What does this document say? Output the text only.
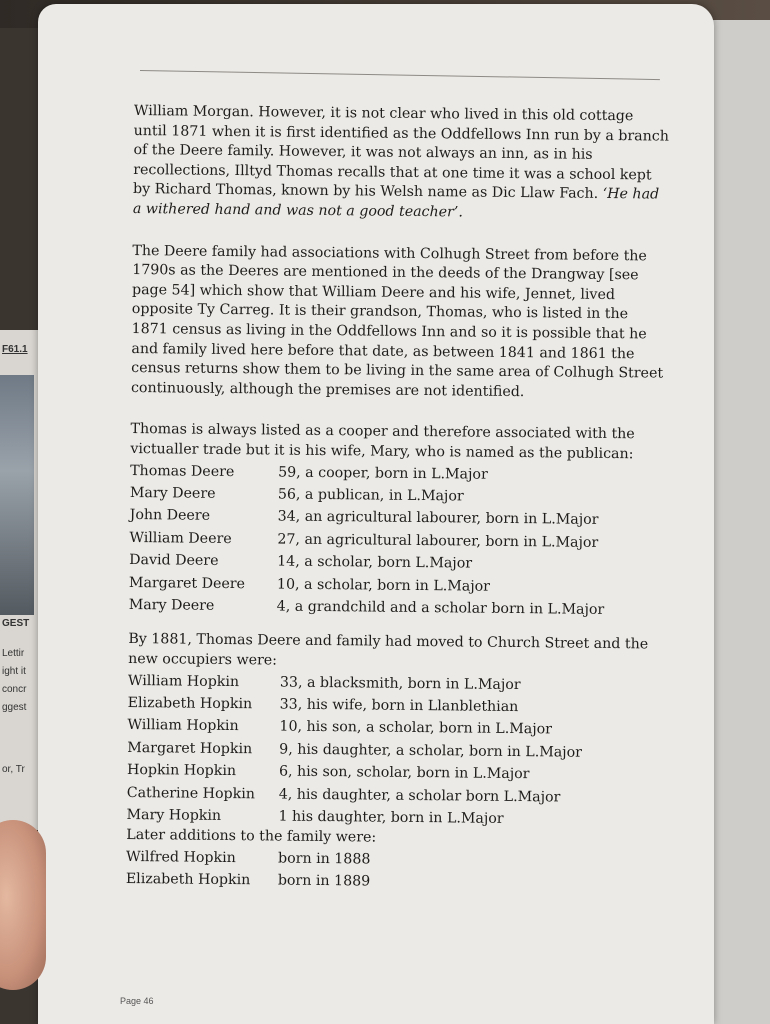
F61.1
GEST
Lettir
ight it
concr
ggest
or, Tr

William Morgan. However, it is not clear who lived in this old cottage until 1871 when it is first identified as the Oddfellows Inn run by a branch of the Deere family. However, it was not always an inn, as in his recollections, Illtyd Thomas recalls that at one time it was a school kept by Richard Thomas, known by his Welsh name as Dic Llaw Fach. ‘He had a withered hand and was not a good teacher’.

The Deere family had associations with Colhugh Street from before the 1790s as the Deeres are mentioned in the deeds of the Drangway [see page 54] which show that William Deere and his wife, Jennet, lived opposite Ty Carreg. It is their grandson, Thomas, who is listed in the 1871 census as living in the Oddfellows Inn and so it is possible that he and family lived here before that date, as between 1841 and 1861 the census returns show them to be living in the same area of Colhugh Street continuously, although the premises are not identified.

Thomas is always listed as a cooper and therefore associated with the victualler trade but it is his wife, Mary, who is named as the publican:

Thomas Deere	59, a cooper, born in L.Major
Mary Deere	56, a publican, in L.Major
John Deere	34, an agricultural labourer, born in L.Major
William Deere	27, an agricultural labourer, born in L.Major
David Deere	14, a scholar, born L.Major
Margaret Deere	10, a scholar, born in L.Major
Mary Deere	4, a grandchild and a scholar born in L.Major

By 1881, Thomas Deere and family had moved to Church Street and the new occupiers were:

William Hopkin	33, a blacksmith, born in L.Major
Elizabeth Hopkin	33, his wife, born in Llanblethian
William Hopkin	10, his son, a scholar, born in L.Major
Margaret Hopkin	9, his daughter, a scholar, born in L.Major
Hopkin Hopkin	6, his son, scholar, born in L.Major
Catherine Hopkin	4, his daughter, a scholar born L.Major
Mary Hopkin	1 his daughter, born in L.Major

Later additions to the family were:

Wilfred Hopkin	born in 1888
Elizabeth Hopkin	born in 1889
Page 46
